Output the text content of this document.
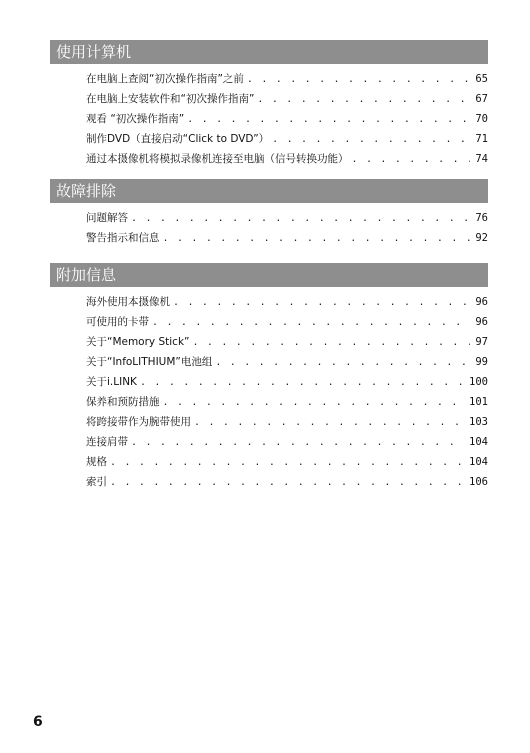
使用计算机
在电脑上查阅“初次操作指南”之前 . . .	65
在电脑上安装软件和“初次操作指南” . . .	67
观看 “初次操作指南” . . .	70
制作DVD（直接启动“Click to DVD”） . . .	71
通过本摄像机将模拟录像机连接至电脑（信号转换功能） . . .	74
故障排除
问题解答 . . .	76
警告指示和信息 . . .	92
附加信息
海外使用本摄像机 . . .	96
可使用的卡带 . . .	96
关于“Memory Stick” . . .	97
关于“InfoLITHIUM”电池组 . . .	99
关于i.LINK . . .	100
保养和预防措施 . . .	101
将跨接带作为腕带使用 . . .	103
连接肩带 . . .	104
规格 . . .	104
索引 . . .	106
6
